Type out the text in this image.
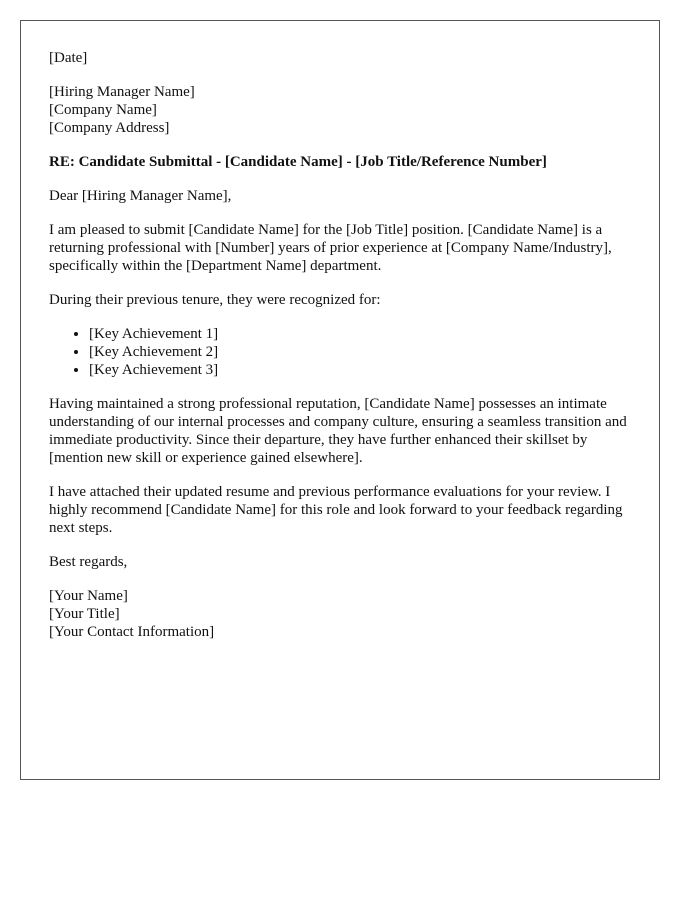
[Date]

[Hiring Manager Name]
[Company Name]
[Company Address]

RE: Candidate Submittal - [Candidate Name] - [Job Title/Reference Number]

Dear [Hiring Manager Name],

I am pleased to submit [Candidate Name] for the [Job Title] position. [Candidate Name] is a returning professional with [Number] years of prior experience at [Company Name/Industry], specifically within the [Department Name] department.

During their previous tenure, they were recognized for:

• [Key Achievement 1]
• [Key Achievement 2]
• [Key Achievement 3]

Having maintained a strong professional reputation, [Candidate Name] possesses an intimate understanding of our internal processes and company culture, ensuring a seamless transition and immediate productivity. Since their departure, they have further enhanced their skillset by [mention new skill or experience gained elsewhere].

I have attached their updated resume and previous performance evaluations for your review. I highly recommend [Candidate Name] for this role and look forward to your feedback regarding next steps.

Best regards,

[Your Name]
[Your Title]
[Your Contact Information]
